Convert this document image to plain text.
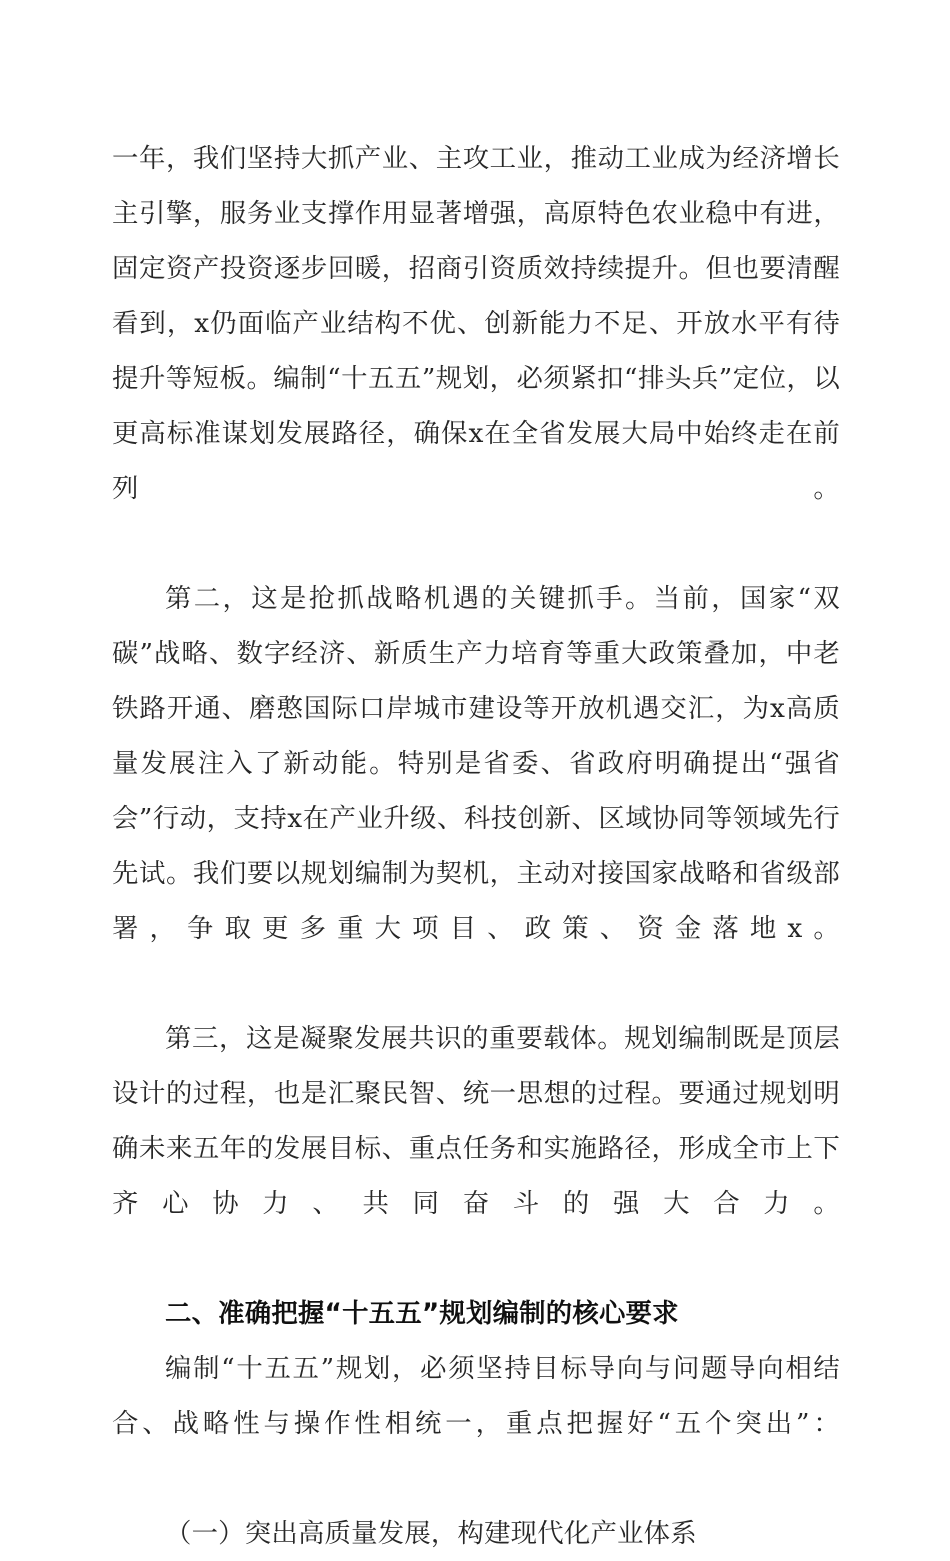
一年，我们坚持大抓产业、主攻工业，推动工业成为经济增长主引擎，服务业支撑作用显著增强，高原特色农业稳中有进，固定资产投资逐步回暖，招商引资质效持续提升。但也要清醒看到，x仍面临产业结构不优、创新能力不足、开放水平有待提升等短板。编制“十五五”规划，必须紧扣“排头兵”定位，以更高标准谋划发展路径，确保x在全省发展大局中始终走在前列。

第二，这是抢抓战略机遇的关键抓手。当前，国家“双碳”战略、数字经济、新质生产力培育等重大政策叠加，中老铁路开通、磨憨国际口岸城市建设等开放机遇交汇，为x高质量发展注入了新动能。特别是省委、省政府明确提出“强省会”行动，支持x在产业升级、科技创新、区域协同等领域先行先试。我们要以规划编制为契机，主动对接国家战略和省级部署，争取更多重大项目、政策、资金落地x。

第三，这是凝聚发展共识的重要载体。规划编制既是顶层设计的过程，也是汇聚民智、统一思想的过程。要通过规划明确未来五年的发展目标、重点任务和实施路径，形成全市上下齐心协力、共同奋斗的强大合力。

二、准确把握“十五五”规划编制的核心要求

编制“十五五”规划，必须坚持目标导向与问题导向相结合、战略性与操作性相统一，重点把握好“五个突出”：

（一）突出高质量发展，构建现代化产业体系
